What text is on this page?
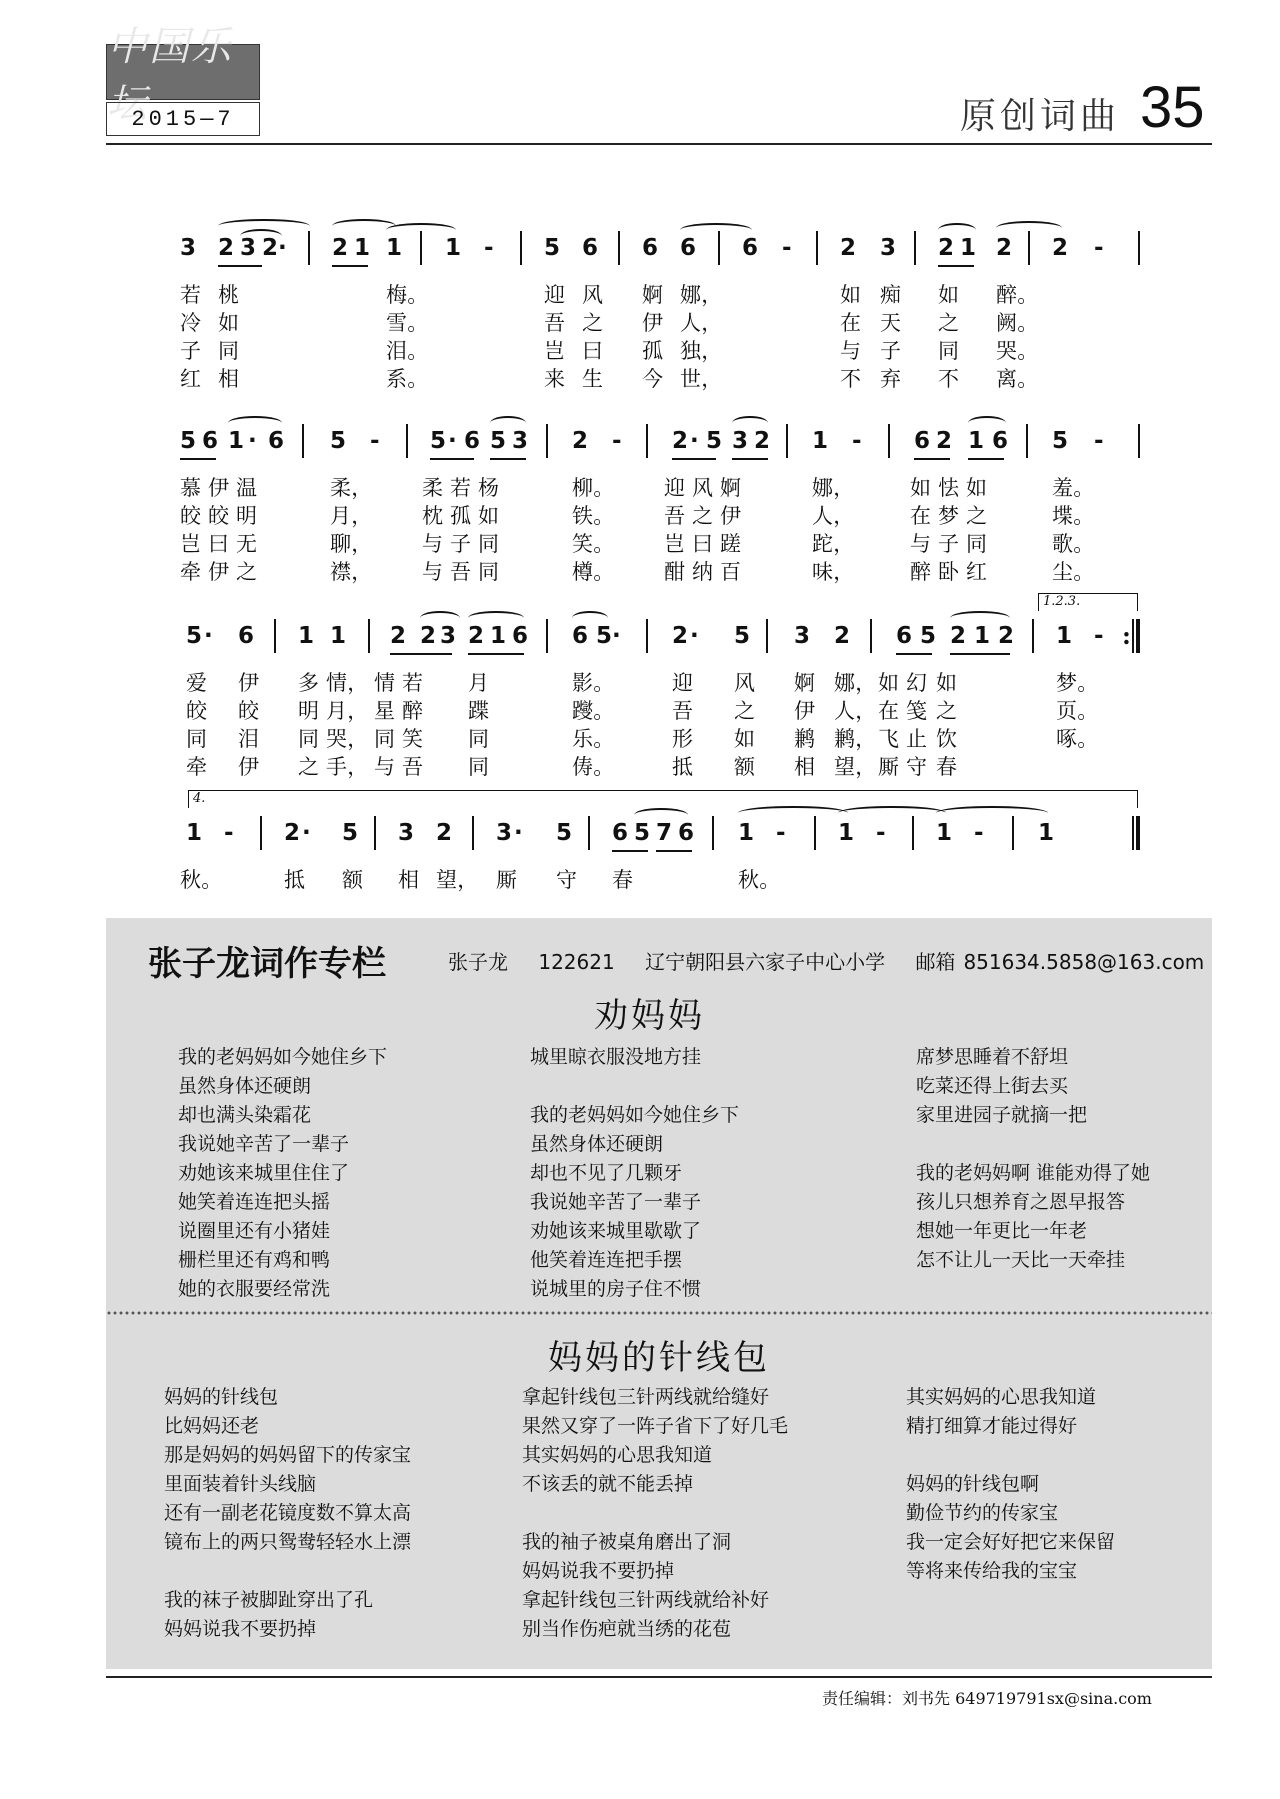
中国乐坛
2015—7	原创词曲 35
3 2 3 2· 2 1 1 1 - 5 6 6 6 6 - 2 3 2 1 2 2 -
若 桃	梅。	迎 风 婀 娜，	如 痴 如 醉。
冷 如	雪。	吾 之 伊 人，	在 天 之 阙。
子 同	泪。	岂 曰 孤 独，	与 子 同 哭。
红 相	系。	来 生 今 世，	不 弃 不 离。
5 6 1 · 6 5 - 5 · 6 5 3 2 - 2 · 5 3 2 1 - 6 2 1 6 5 -
慕 伊 温	柔， 柔 若 杨	柳。 迎 风 婀	娜，	如 怯 如	羞。
皎 皎 明	月， 枕 孤 如	铁。 吾 之 伊	人，	在 梦 之	堞。
岂 曰 无	聊， 与 子 同	笑。 岂 曰 蹉	跎，	与 子 同	歌。
牵 伊 之	襟， 与 吾 同	樽。 酣 纳 百	味，	醉 卧 红	尘。
1.2.3.
5 · 6 1 1 2 2 3 2 1 6 6 5· 2 · 5 3 2 6 5 2 1 2 1 - :
爱 伊 多 情， 情 若 月	影。	迎 风 婀 娜， 如 幻 如	梦。
皎 皎 明 月， 星 醉 蹀	躞。	吾 之 伊 人， 在 笺 之	页。
同 泪 同 哭， 同 笑 同	乐。	形 如 鹣 鹣， 飞 止 饮	啄。
牵 伊 之 手， 与 吾 同	俦。	抵 额 相 望， 厮 守 春
4.
1 - 2 · 5 3 2 3 · 5 6 5 7 6 1 - 1 - 1 - 1
秋。	抵 额 相 望， 厮 守 春	秋。
张子龙词作专栏	张子龙 122621 辽宁朝阳县六家子中心小学 邮箱 851634.5858@163.com
劝妈妈
我的老妈妈如今她住乡下
虽然身体还硬朗
却也满头染霜花
我说她辛苦了一辈子
劝她该来城里住住了
她笑着连连把头摇
说圈里还有小猪娃
栅栏里还有鸡和鸭
她的衣服要经常洗
城里晾衣服没地方挂
我的老妈妈如今她住乡下
虽然身体还硬朗
却也不见了几颗牙
我说她辛苦了一辈子
劝她该来城里歇歇了
他笑着连连把手摆
说城里的房子住不惯
席梦思睡着不舒坦
吃菜还得上街去买
家里进园子就摘一把
我的老妈妈啊 谁能劝得了她
孩儿只想养育之恩早报答
想她一年更比一年老
怎不让儿一天比一天牵挂
妈妈的针线包
妈妈的针线包
比妈妈还老
那是妈妈的妈妈留下的传家宝
里面装着针头线脑
还有一副老花镜度数不算太高
镜布上的两只鸳鸯轻轻水上漂
我的袜子被脚趾穿出了孔
妈妈说我不要扔掉
拿起针线包三针两线就给缝好
果然又穿了一阵子省下了好几毛
其实妈妈的心思我知道
不该丢的就不能丢掉
我的袖子被桌角磨出了洞
妈妈说我不要扔掉
拿起针线包三针两线就给补好
别当作伤疤就当绣的花苞
其实妈妈的心思我知道
精打细算才能过得好
妈妈的针线包啊
勤俭节约的传家宝
我一定会好好把它来保留
等将来传给我的宝宝
责任编辑：刘书先 649719791sx@sina.com
